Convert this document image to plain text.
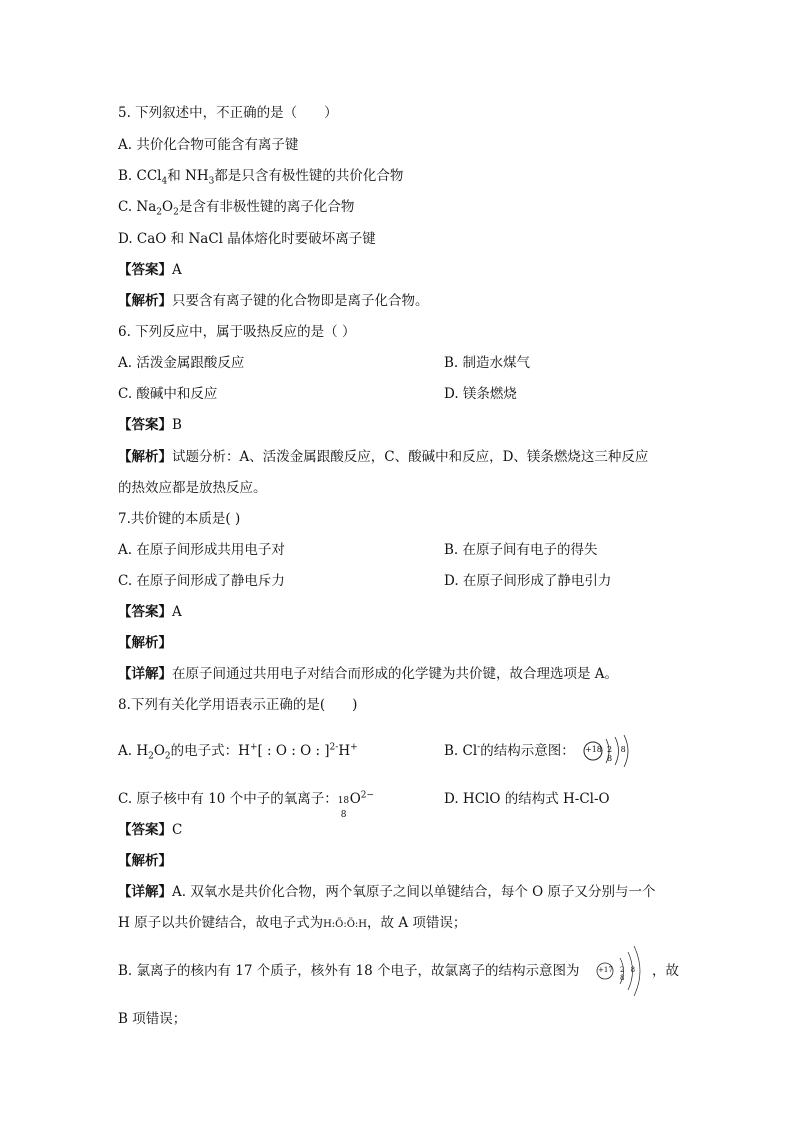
5. 下列叙述中，不正确的是（　　）
A. 共价化合物可能含有离子键
B. CCl$_4$和 $NH_3$都是只含有极性键的共价化合物
C. $Na_2O_2$是含有非极性键的离子化合物
D. CaO 和 NaCl 晶体熔化时要破坏离子键
【答案】A
【解析】只要含有离子键的化合物即是离子化合物。
6. 下列反应中，属于吸热反应的是（ ）
A. 活泼金属跟酸反应	B. 制造水煤气
C. 酸碱中和反应	D. 镁条燃烧
【答案】B
【解析】试题分析：A、活泼金属跟酸反应，C、酸碱中和反应，D、镁条燃烧这三种反应
的热效应都是放热反应。
7.共价键的本质是( )
A. 在原子间形成共用电子对	B. 在原子间有电子的得失
C. 在原子间形成了静电斥力	D. 在原子间形成了静电引力
【答案】A
【解析】
【详解】在原子间通过共用电子对结合而形成的化学键为共价键，故合理选项是 A。
8.下列有关化学用语表示正确的是(　　)
A. $H_2O_2$的电子式：H+[ : O : O : ]$^{2-}$H+	B. Cl-的结构示意图： +18 2 8 8
C. 原子核中有 10 个中子的氧离子： 18
8
$O^{2-}$	D. HClO 的结构式 H-Cl-O
【答案】C
【解析】
【详解】A. 双氧水是共价化合物，两个氧原子之间以单键结合，每个 O 原子又分别与一个
H 原子以共价键结合，故电子式为H:Ö:Ö:H，故 A 项错误；
B. 氯离子的核内有 17 个质子，核外有 18 个电子，故氯离子的结构示意图为	+17 2 8 8	，故
B 项错误；
